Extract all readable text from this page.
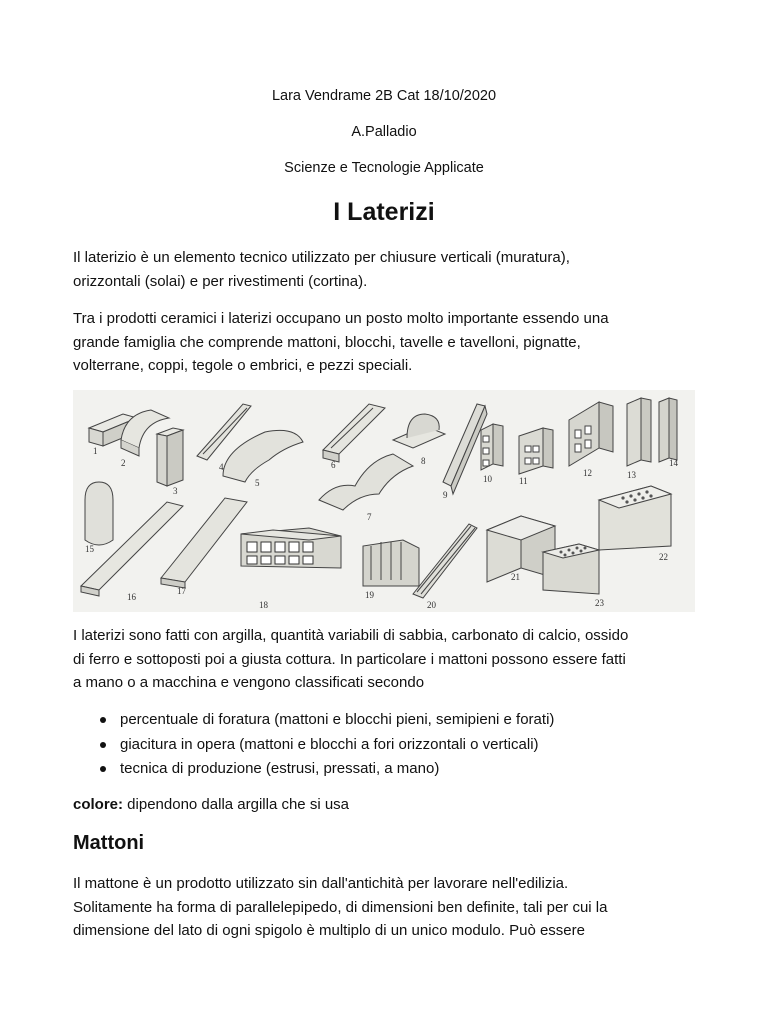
Lara Vendrame 2B Cat 18/10/2020
A.Palladio
Scienze e Tecnologie Applicate
I Laterizi
Il laterizio è un elemento tecnico utilizzato per chiusure verticali (muratura),
orizzontali (solai) e per rivestimenti (cortina).
Tra i prodotti ceramici i laterizi occupano un posto molto importante essendo una
grande famiglia che comprende mattoni, blocchi, tavelle e tavelloni, pignatte,
volterrane, coppi, tegole o embrici, e pezzi speciali.
1
2
3
4
5
6
7
8
9
10	11
12	13
14
15
16
17
18
19
20
21
22
23
I laterizi sono fatti con argilla, quantità variabili di sabbia, carbonato di calcio, ossido
di ferro e sottoposti poi a giusta cottura. In particolare i mattoni possono essere fatti
a mano o a macchina e vengono classificati secondo
percentuale di foratura (mattoni e blocchi pieni, semipieni e forati)
giacitura in opera (mattoni e blocchi a fori orizzontali o verticali)
tecnica di produzione (estrusi, pressati, a mano)
colore: dipendono dalla argilla che si usa
Mattoni
Il mattone è un prodotto utilizzato sin dall'antichità per lavorare nell'edilizia.
Solitamente ha forma di parallelepipedo, di dimensioni ben definite, tali per cui la
dimensione del lato di ogni spigolo è multiplo di un unico modulo. Può essere
